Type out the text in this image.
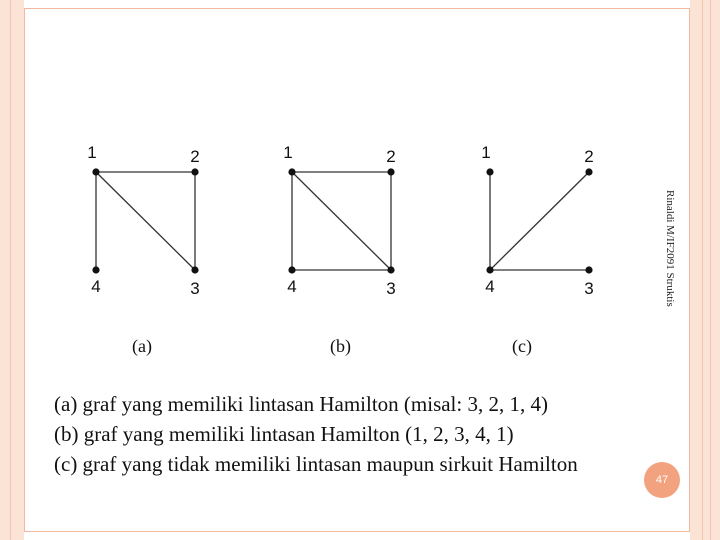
1	2
3
4
1	2
3
4
1	2
3
4
(a)	(b)	(c)
Rinaldi M/IF2091 Struktis
(a) graf yang memiliki lintasan Hamilton (misal: 3, 2, 1, 4)
(b) graf yang memiliki lintasan Hamilton (1, 2, 3, 4, 1)
47
(c) graf yang tidak memiliki lintasan maupun sirkuit Hamilton
